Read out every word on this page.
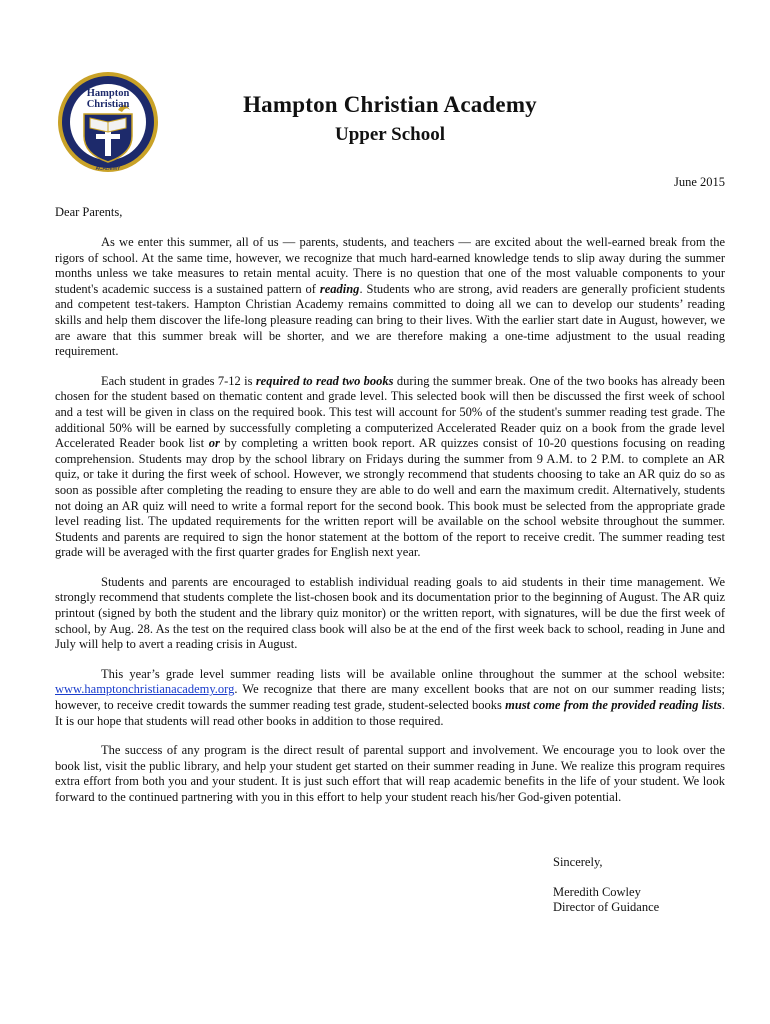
Hampton
Christian
ACADEMY
Hampton Christian Academy
Upper School
June 2015
Dear Parents,

As we enter this summer, all of us — parents, students, and teachers — are excited about the well-earned break from the rigors of school. At the same time, however, we recognize that much hard-earned knowledge tends to slip away during the summer months unless we take measures to retain mental acuity. There is no question that one of the most valuable components to your student's academic success is a sustained pattern of reading. Students who are strong, avid readers are generally proficient students and competent test-takers. Hampton Christian Academy remains committed to doing all we can to develop our students’ reading skills and help them discover the life-long pleasure reading can bring to their lives. With the earlier start date in August, however, we are aware that this summer break will be shorter, and we are therefore making a one-time adjustment to the usual reading requirement.

Each student in grades 7-12 is required to read two books during the summer break. One of the two books has already been chosen for the student based on thematic content and grade level. This selected book will then be discussed the first week of school and a test will be given in class on the required book. This test will account for 50% of the student's summer reading test grade. The additional 50% will be earned by successfully completing a computerized Accelerated Reader quiz on a book from the grade level Accelerated Reader book list or by completing a written book report. AR quizzes consist of 10-20 questions focusing on reading comprehension. Students may drop by the school library on Fridays during the summer from 9 A.M. to 2 P.M. to complete an AR quiz, or take it during the first week of school. However, we strongly recommend that students choosing to take an AR quiz do so as soon as possible after completing the reading to ensure they are able to do well and earn the maximum credit. Alternatively, students not doing an AR quiz will need to write a formal report for the second book. This book must be selected from the appropriate grade level reading list. The updated requirements for the written report will be available on the school website throughout the summer. Students and parents are required to sign the honor statement at the bottom of the report to receive credit. The summer reading test grade will be averaged with the first quarter grades for English next year.

Students and parents are encouraged to establish individual reading goals to aid students in their time management. We strongly recommend that students complete the list-chosen book and its documentation prior to the beginning of August. The AR quiz printout (signed by both the student and the library quiz monitor) or the written report, with signatures, will be due the first week of school, by Aug. 28. As the test on the required class book will also be at the end of the first week back to school, reading in June and July will help to avert a reading crisis in August.

This year’s grade level summer reading lists will be available online throughout the summer at the school website: www.hamptonchristianacademy.org. We recognize that there are many excellent books that are not on our summer reading lists; however, to receive credit towards the summer reading test grade, student-selected books must come from the provided reading lists. It is our hope that students will read other books in addition to those required.

The success of any program is the direct result of parental support and involvement. We encourage you to look over the book list, visit the public library, and help your student get started on their summer reading in June. We realize this program requires extra effort from both you and your student. It is just such effort that will reap academic benefits in the life of your student. We look forward to the continued partnering with you in this effort to help your student reach his/her God-given potential.

Sincerely,
Meredith Cowley
Director of Guidance
